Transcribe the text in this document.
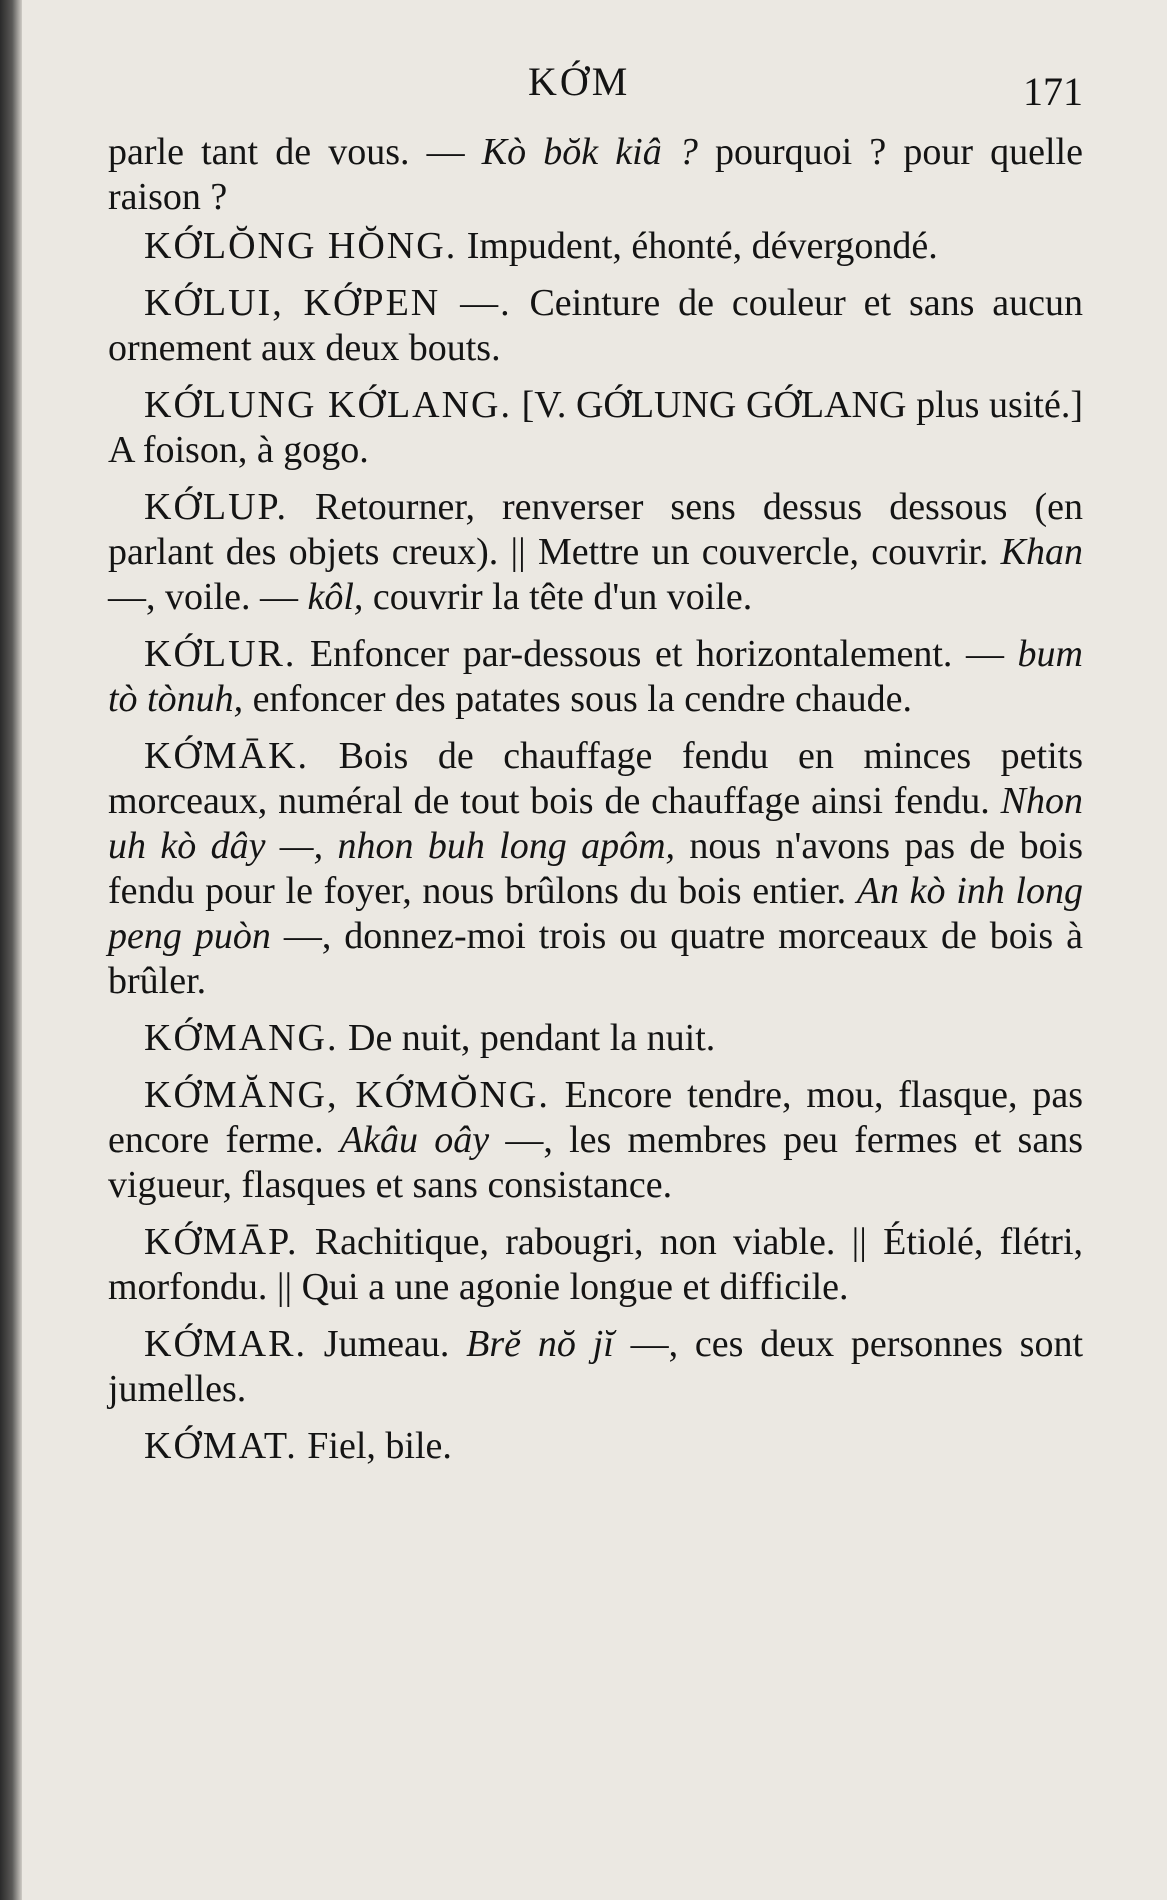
KỚM	171

parle tant de vous. — Kò bŏk kiâ ? pourquoi ? pour quelle raison ?

KỚLŎNG HŎNG. Impudent, éhonté, dévergondé.

KỚLUI, KỚPEN —. Ceinture de couleur et sans aucun ornement aux deux bouts.

KỚLUNG KỚLANG. [V. GỚLUNG GỚLANG plus usité.] A foison, à gogo.

KỚLUP. Retourner, renverser sens dessus dessous (en parlant des objets creux). || Mettre un couvercle, couvrir. Khan —, voile. — kôl, couvrir la tête d'un voile.

KỚLUR. Enfoncer par-dessous et horizontalement. — bum tò tònuh, enfoncer des patates sous la cendre chaude.

KỚMĀK. Bois de chauffage fendu en minces petits morceaux, numéral de tout bois de chauffage ainsi fendu. Nhon uh kò dây —, nhon buh long apôm, nous n'avons pas de bois fendu pour le foyer, nous brûlons du bois entier. An kò inh long peng puòn —, donnez-moi trois ou quatre morceaux de bois à brûler.

KỚMANG. De nuit, pendant la nuit.

KỚMĂNG, KỚMŎNG. Encore tendre, mou, flasque, pas encore ferme. Akâu oây —, les membres peu fermes et sans vigueur, flasques et sans consistance.

KỚMĀP. Rachitique, rabougri, non viable. || Étiolé, flétri, morfondu. || Qui a une agonie longue et difficile.

KỚMAR. Jumeau. Brĕ nŏ jĭ —, ces deux personnes sont jumelles.

KỚMAT. Fiel, bile.
